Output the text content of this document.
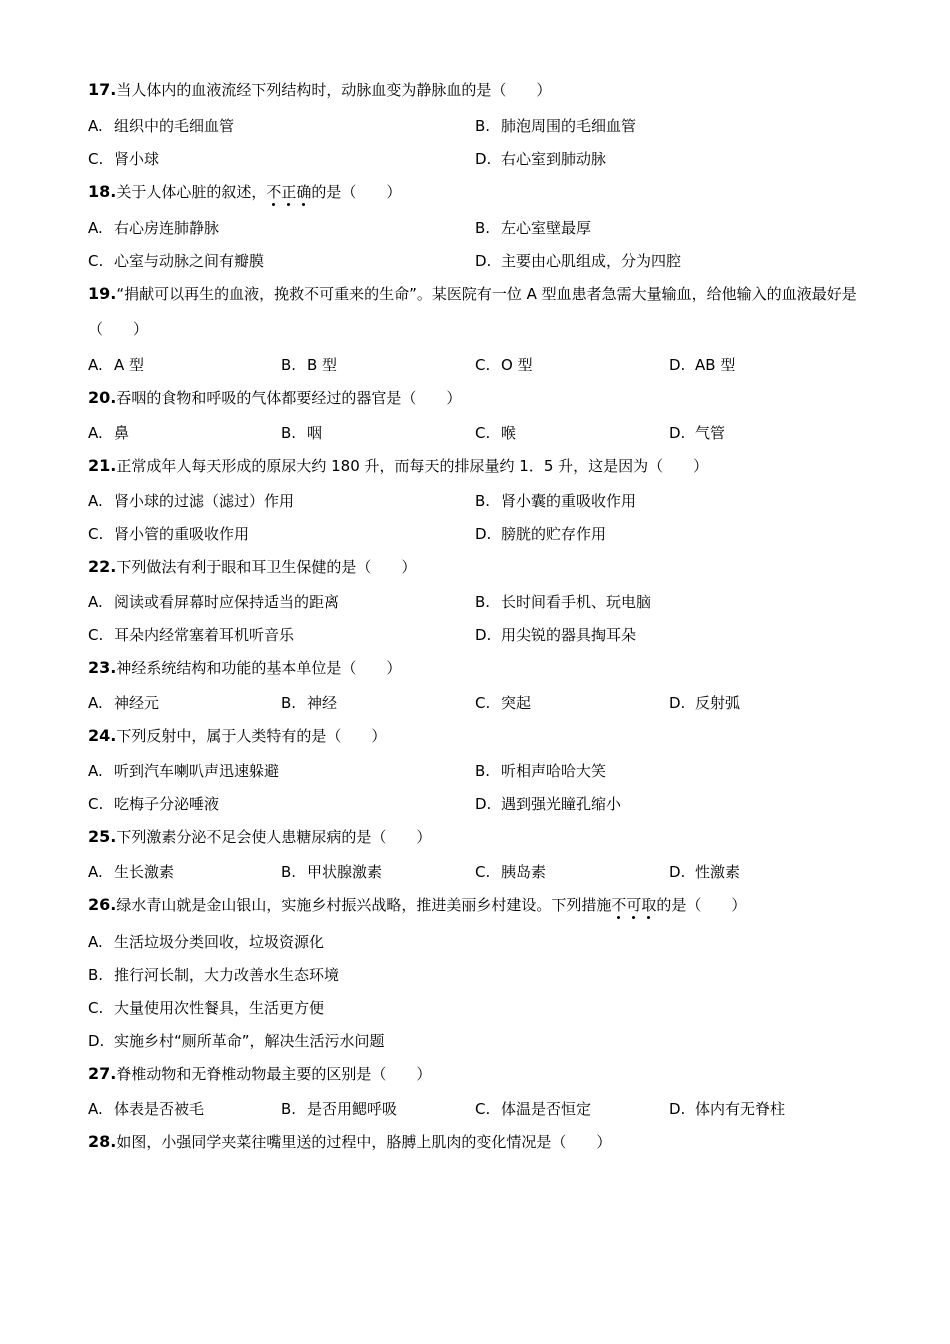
17.当人体内的血液流经下列结构时，动脉血变为静脉血的是（　　）
A. 组织中的毛细血管	B. 肺泡周围的毛细血管
C. 肾小球	D. 右心室到肺动脉
18.关于人体心脏的叙述，不正确的是（　　）
A. 右心房连肺静脉	B. 左心室壁最厚
C. 心室与动脉之间有瓣膜	D. 主要由心肌组成，分为四腔
19.“捐献可以再生的血液，挽救不可重来的生命”。某医院有一位 A 型血患者急需大量输血，给他输入的血液最好是（　　）
A. A 型	B. B 型	C. O 型	D. AB 型
20.吞咽的食物和呼吸的气体都要经过的器官是（　　）
A. 鼻	B. 咽	C. 喉	D. 气管
21.正常成年人每天形成的原尿大约 180 升，而每天的排尿量约 1．5 升，这是因为（　　）
A. 肾小球的过滤（滤过）作用	B. 肾小囊的重吸收作用
C. 肾小管的重吸收作用	D. 膀胱的贮存作用
22.下列做法有利于眼和耳卫生保健的是（　　）
A. 阅读或看屏幕时应保持适当的距离	B. 长时间看手机、玩电脑
C. 耳朵内经常塞着耳机听音乐	D. 用尖锐的器具掏耳朵
23.神经系统结构和功能的基本单位是（　　）
A. 神经元	B. 神经	C. 突起	D. 反射弧
24.下列反射中，属于人类特有的是（　　）
A. 听到汽车喇叭声迅速躲避	B. 听相声哈哈大笑
C. 吃梅子分泌唾液	D. 遇到强光瞳孔缩小
25.下列激素分泌不足会使人患糖尿病的是（　　）
A. 生长激素	B. 甲状腺激素	C. 胰岛素	D. 性激素
26.绿水青山就是金山银山，实施乡村振兴战略，推进美丽乡村建设。下列措施不可取的是（　　）
A. 生活垃圾分类回收，垃圾资源化
B. 推行河长制，大力改善水生态环境
C. 大量使用次性餐具，生活更方便
D. 实施乡村“厕所革命”，解决生活污水问题
27.脊椎动物和无脊椎动物最主要的区别是（　　）
A. 体表是否被毛	B. 是否用鳃呼吸	C. 体温是否恒定	D. 体内有无脊柱
28.如图，小强同学夹菜往嘴里送的过程中，胳膊上肌肉的变化情况是（　　）
